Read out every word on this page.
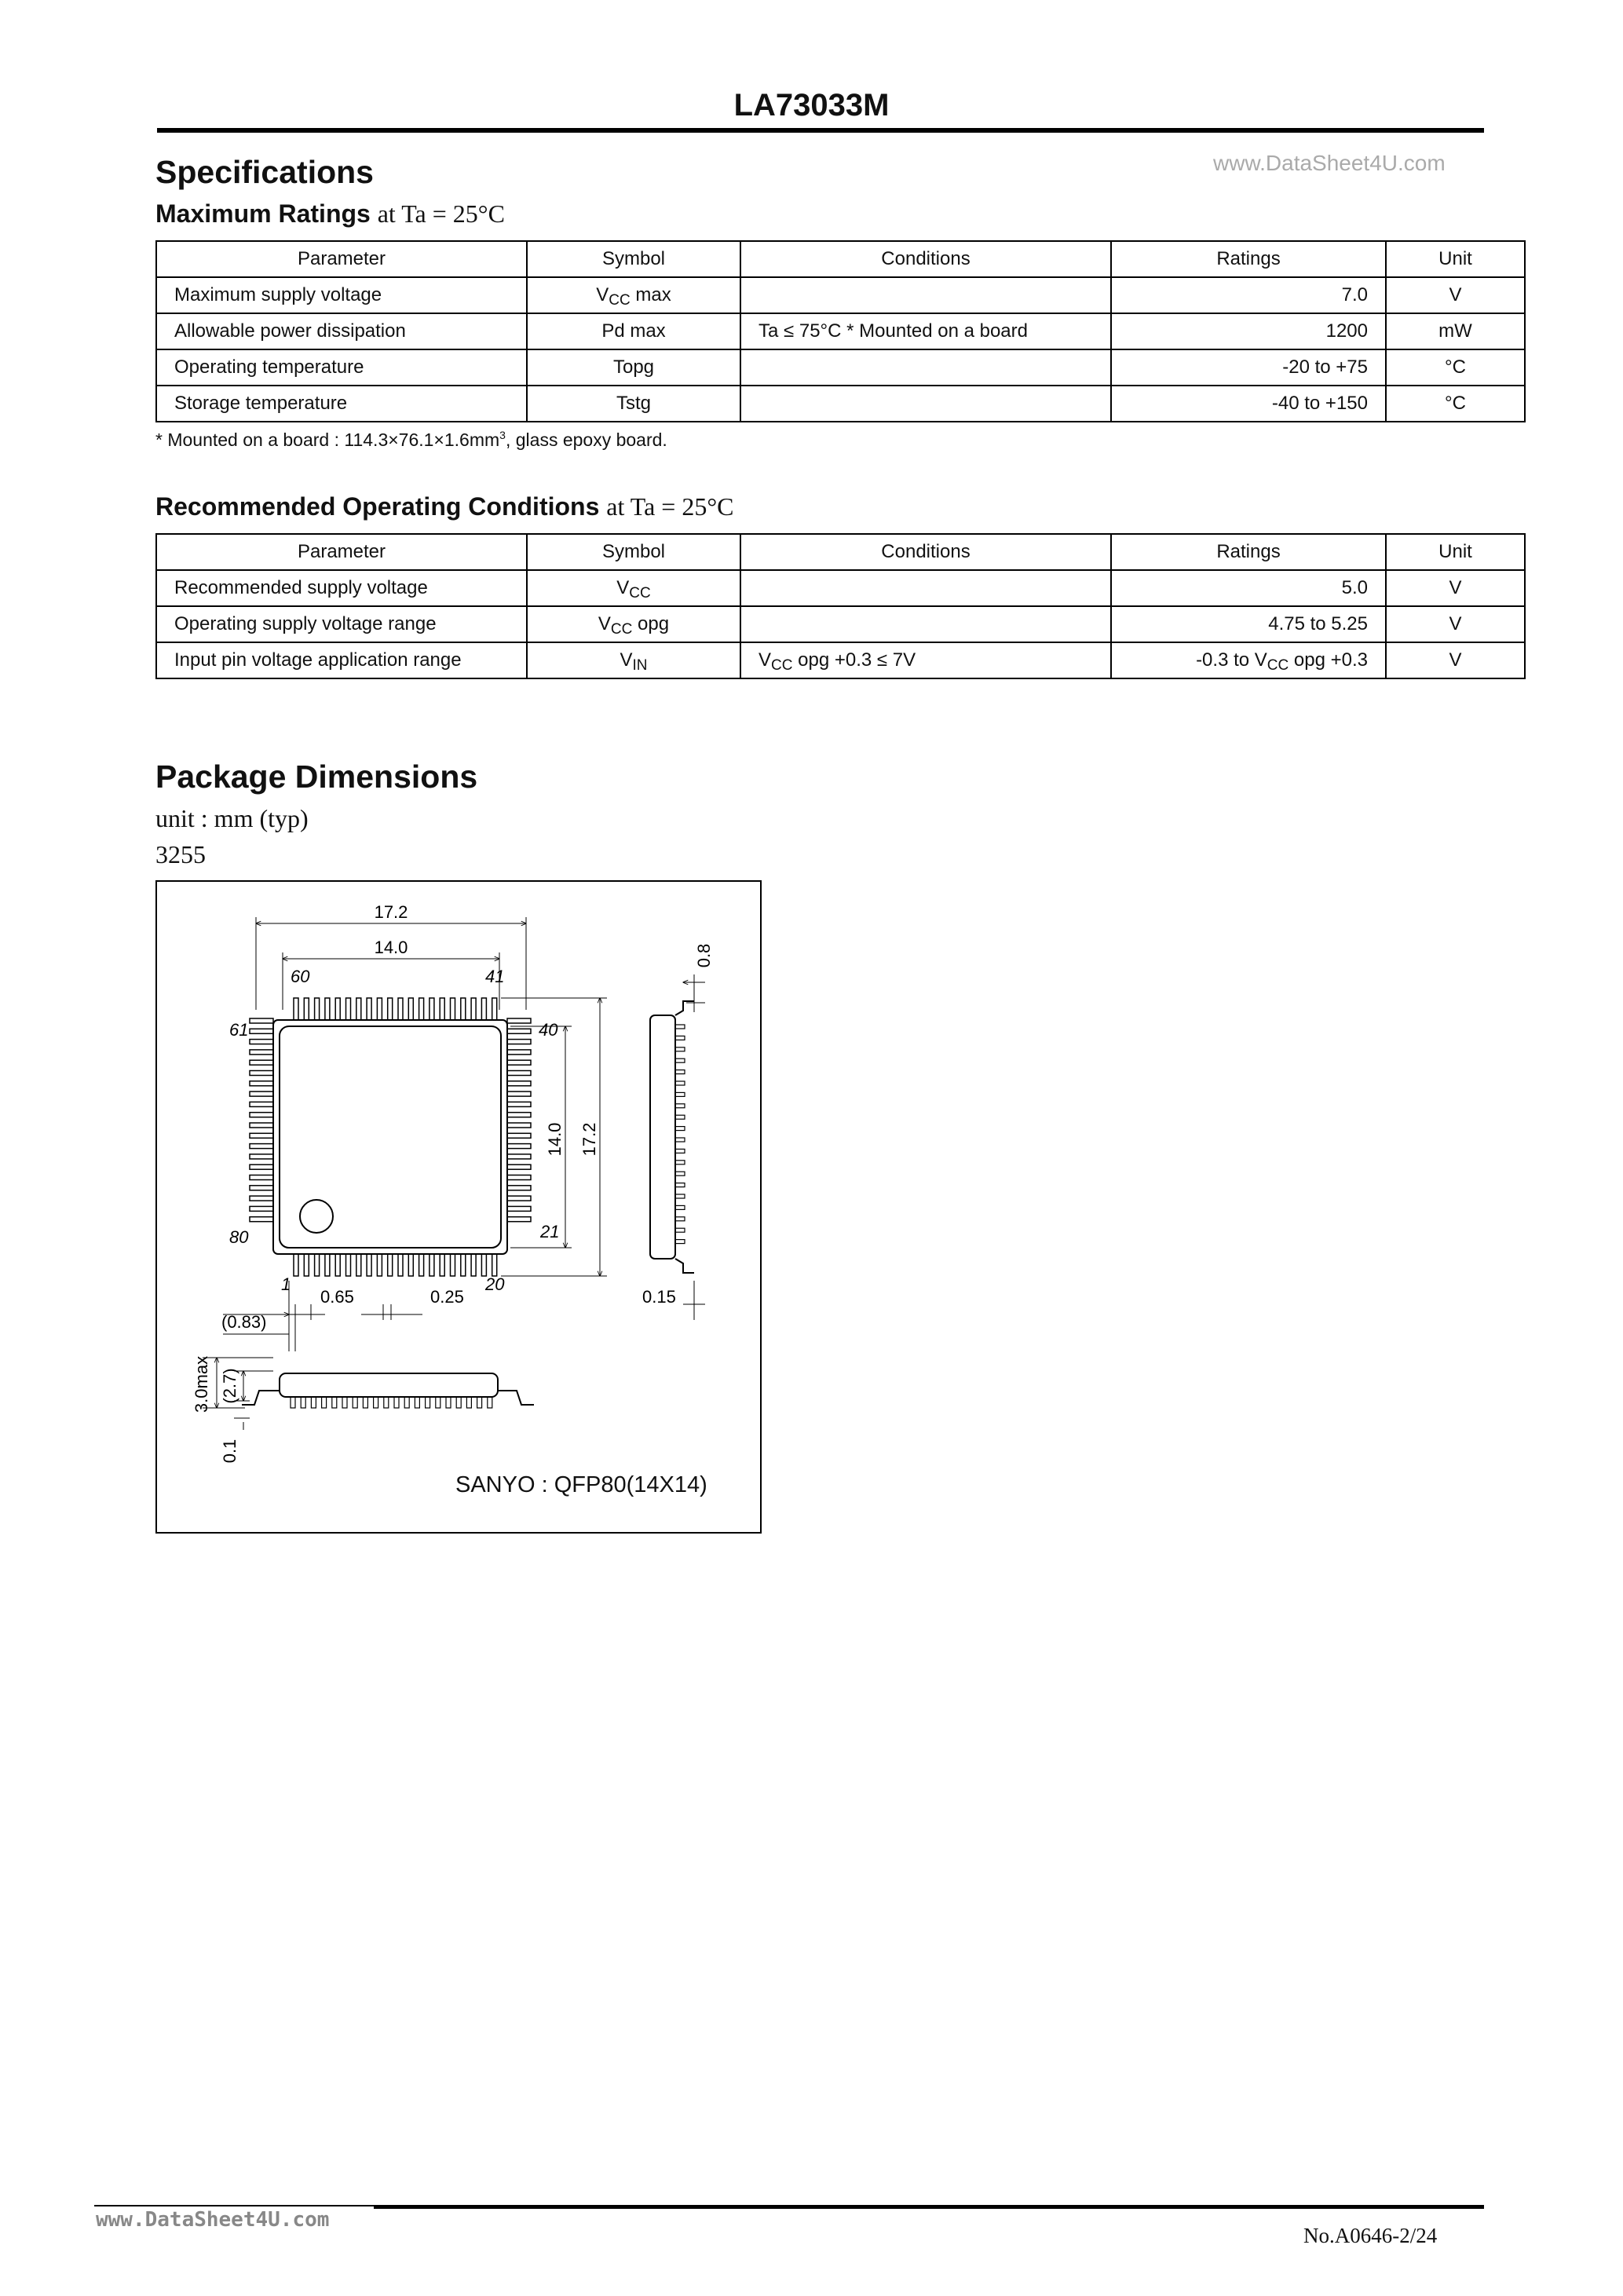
LA73033M
www.DataSheet4U.com
Specifications
Maximum Ratings at Ta = 25°C
Parameter	Symbol	Conditions	Ratings	Unit
Maximum supply voltage	$V_{CC}$ max		7.0	V
Allowable power dissipation	Pd max	Ta ≤ 75°C * Mounted on a board	1200	mW
Operating temperature	Topg		-20 to +75	°C
Storage temperature	Tstg		-40 to +150	°C
* Mounted on a board : $114.3\times 76.1\times 1.6mm^3$, glass epoxy board.
Recommended Operating Conditions at Ta = 25°C
Parameter	Symbol	Conditions	Ratings	Unit
Recommended supply voltage	$V_{CC}$		5.0	V
Operating supply voltage range	$V_{CC}$ opg		4.75 to 5.25	V
Input pin voltage application range	$V_{IN}$	$V_{CC}$ opg +0.3 ≤ 7V	-0.3 to $V_{CC}$ opg +0.3	V
Package Dimensions
unit : mm (typ)
3255
17.2
14.0
60	41
61	40
80	21
1	20
0.65	0.25
(0.83)
0.15
14.0 17.2
0.8
3.0max (2.7)
0.1
SANYO : QFP80(14X14)
www.DataSheet4U.com
No.A0646-2/24
